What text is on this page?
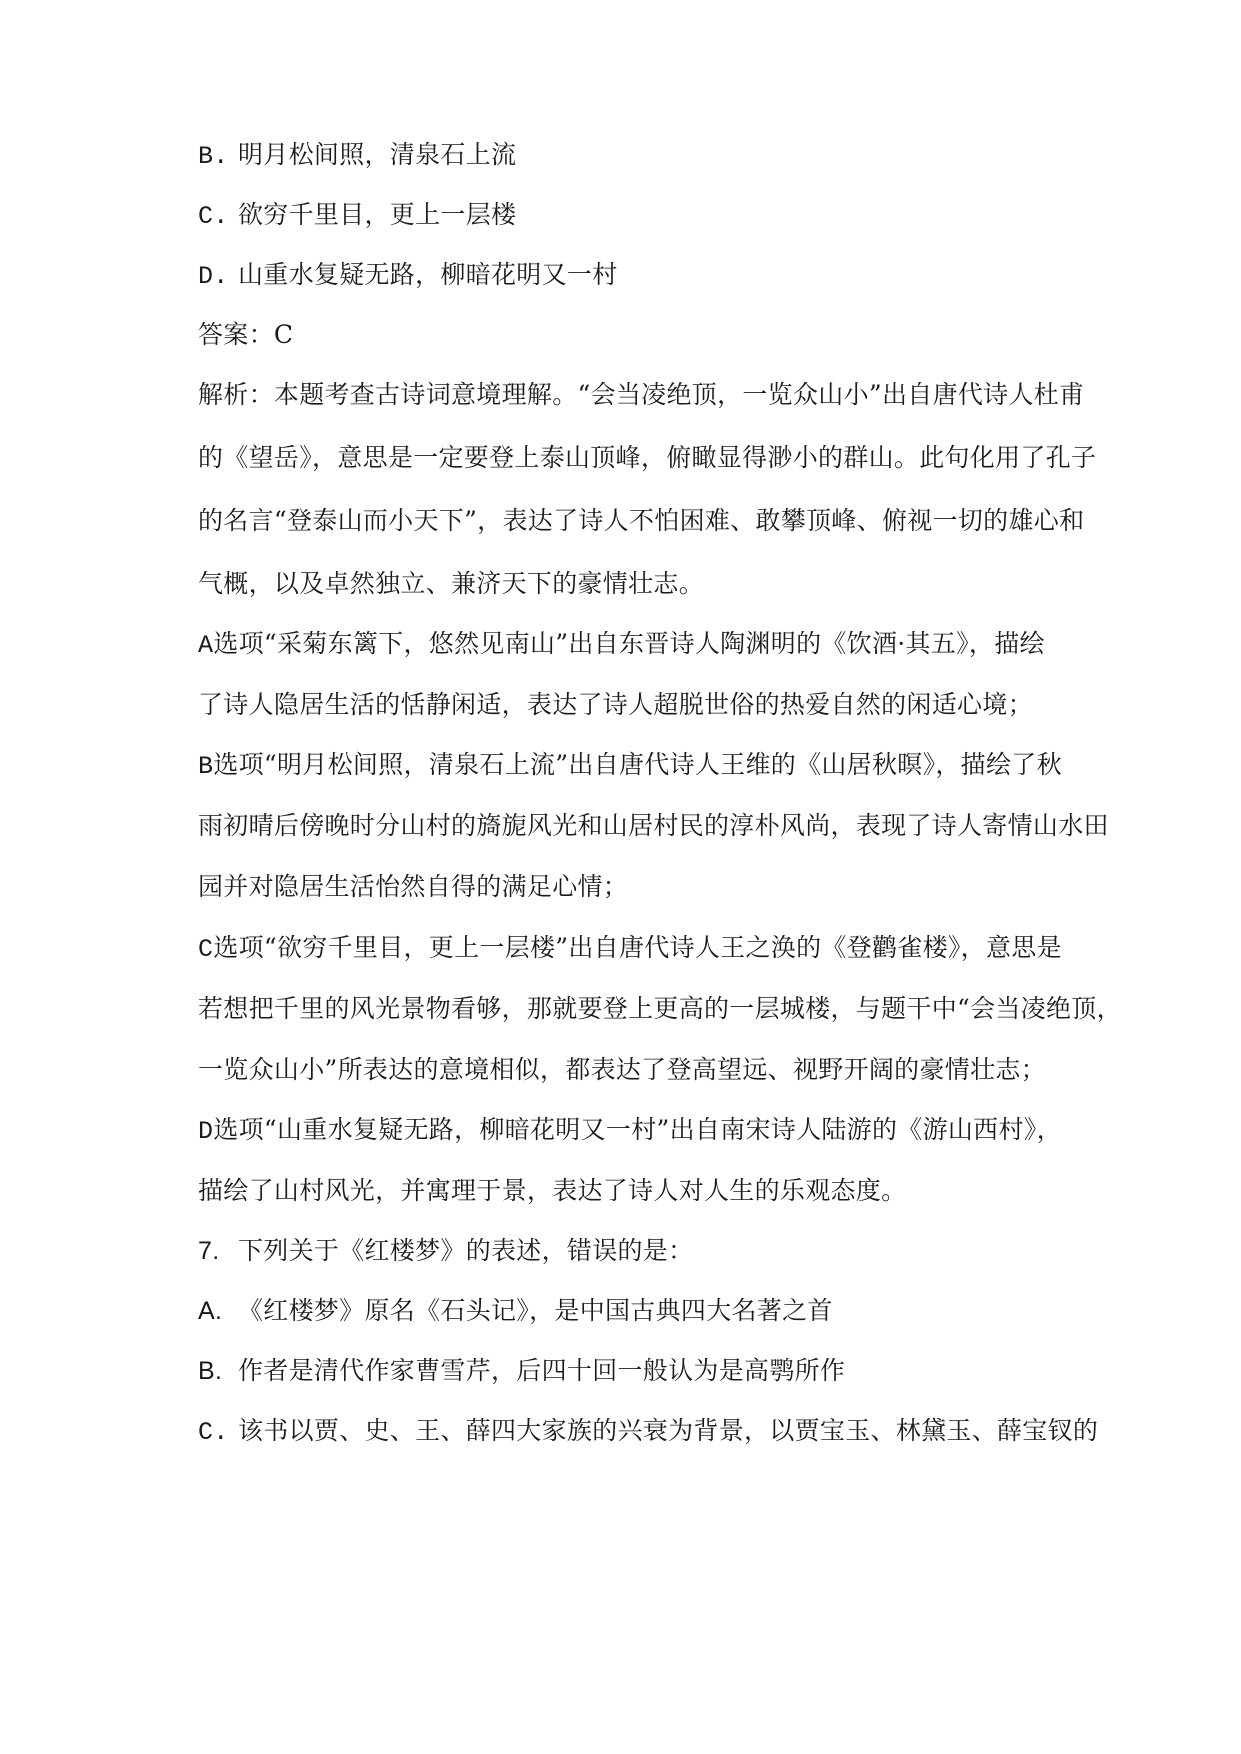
B. 明月松间照，清泉石上流
C. 欲穷千里目，更上一层楼
D. 山重水复疑无路，柳暗花明又一村
答案：C
解析：本题考查古诗词意境理解。“会当凌绝顶，一览众山小”出自唐代诗人杜甫
的《望岳》，意思是一定要登上泰山顶峰，俯瞰显得渺小的群山。此句化用了孔子
的名言“登泰山而小天下”，表达了诗人不怕困难、敢攀顶峰、俯视一切的雄心和
气概，以及卓然独立、兼济天下的豪情壮志。
A选项“采菊东篱下，悠然见南山”出自东晋诗人陶渊明的《饮酒·其五》，描绘
了诗人隐居生活的恬静闲适，表达了诗人超脱世俗的热爱自然的闲适心境；
B选项“明月松间照，清泉石上流”出自唐代诗人王维的《山居秋暝》，描绘了秋
雨初晴后傍晚时分山村的旖旎风光和山居村民的淳朴风尚，表现了诗人寄情山水田
园并对隐居生活怡然自得的满足心情；
C选项“欲穷千里目，更上一层楼”出自唐代诗人王之涣的《登鹳雀楼》，意思是
若想把千里的风光景物看够，那就要登上更高的一层城楼，与题干中“会当凌绝顶，
一览众山小”所表达的意境相似，都表达了登高望远、视野开阔的豪情壮志；
D选项“山重水复疑无路，柳暗花明又一村”出自南宋诗人陆游的《游山西村》，
描绘了山村风光，并寓理于景，表达了诗人对人生的乐观态度。
7. 下列关于《红楼梦》的表述，错误的是：
A. 《红楼梦》原名《石头记》，是中国古典四大名著之首
B. 作者是清代作家曹雪芹，后四十回一般认为是高鹗所作
C. 该书以贾、史、王、薛四大家族的兴衰为背景，以贾宝玉、林黛玉、薛宝钗的
